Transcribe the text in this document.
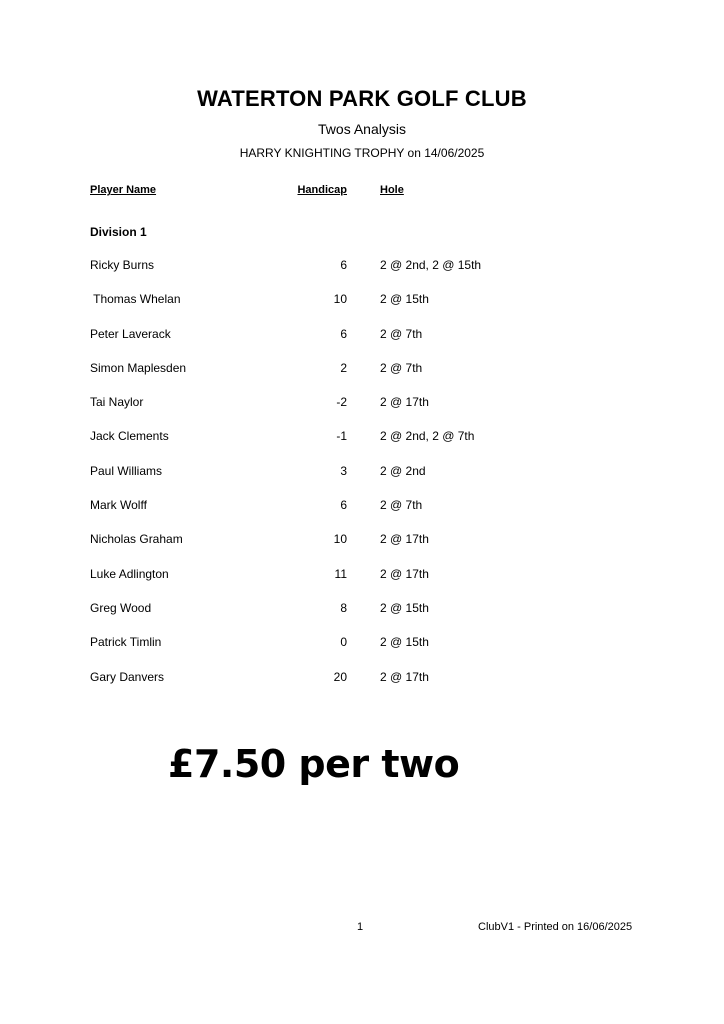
WATERTON PARK GOLF CLUB
Twos Analysis
HARRY KNIGHTING TROPHY on 14/06/2025
Player Name	Handicap	Hole
Division 1
Ricky Burns	6	2 @ 2nd, 2 @ 15th
Thomas Whelan	10	2 @ 15th
Peter Laverack	6	2 @ 7th
Simon Maplesden	2	2 @ 7th
Tai Naylor	-2	2 @ 17th
Jack Clements	-1	2 @ 2nd, 2 @ 7th
Paul Williams	3	2 @ 2nd
Mark Wolff	6	2 @ 7th
Nicholas Graham	10	2 @ 17th
Luke Adlington	11	2 @ 17th
Greg Wood	8	2 @ 15th
Patrick Timlin	0	2 @ 15th
Gary Danvers	20	2 @ 17th
£7.50 per two
1	ClubV1 - Printed on 16/06/2025
